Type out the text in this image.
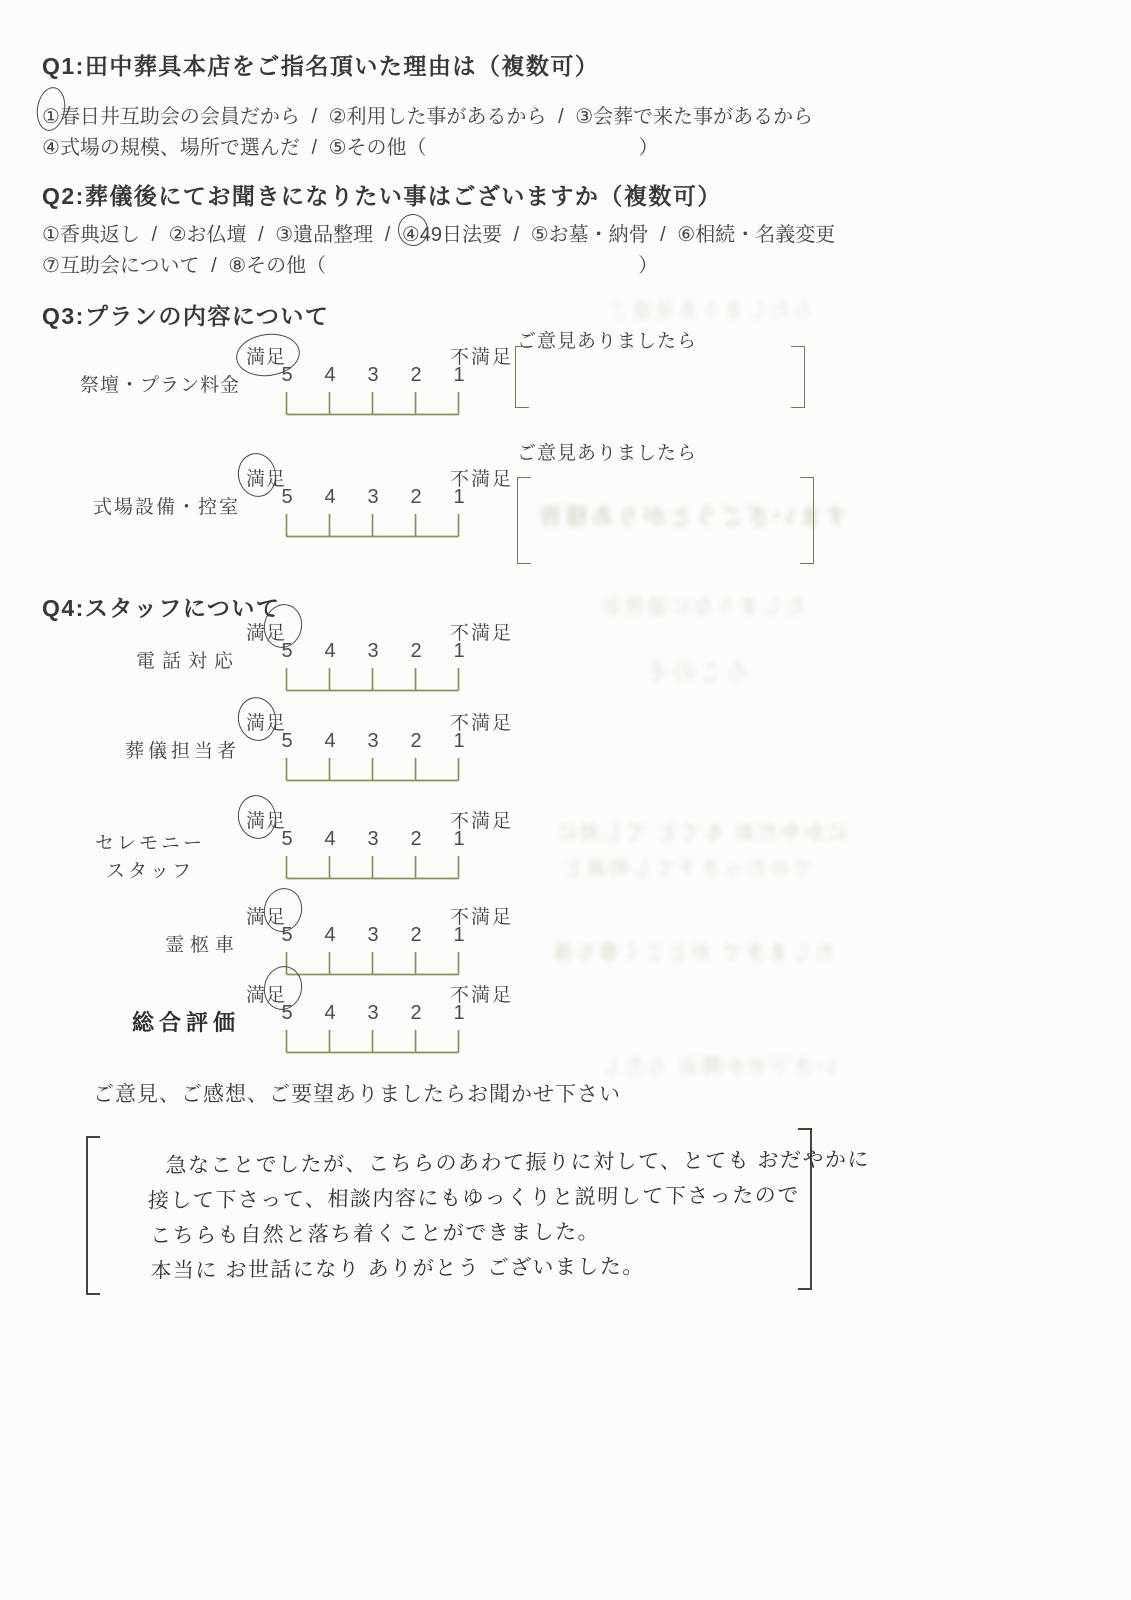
Q1:田中葬具本店をご指名頂いた理由は（複数可）
①
春日井互助会の会員だから / ②利用した事があるから / ③会葬で来た事があるから
④式場の規模、場所で選んだ / ⑤その他（	）
Q2:葬儀後にてお聞きになりたい事はございますか（複数可）
①香典返し / ②お仏壇 / ③遺品整理 / ④
49日法要 / ⑤お墓・納骨 / ⑥相続・名義変更
⑦互助会について / ⑧その他（	）
Q3:プランの内容について
ご意見ありましたら
ご意見ありましたら
Q4:スタッフについて
祭壇・プラン料金
満足
5 4 3 2 1
不満足
式場設備・控室
満足
5 4 3 2 1
不満足
電話対応
満足
5 4 3 2 1
不満足
葬儀担当者
満足
5 4 3 2 1
不満足
セレモニー
スタッフ
満足
5 4 3 2 1
不満足
霊柩車
満足
5 4 3 2 1
不満足
総合評価
満足
5 4 3 2 1
不満足
ご意見、ご感想、ご要望ありましたらお聞かせ下さい
急なことでしたが、こちらのあわて振りに対して、とても おだやかに
接して下さって、相談内容にもゆっくりと説明して下さったので
こちらも自然と落ち着くことができました。
本当に お世話になり ありがとう ございました。
らたしまりあ見意ご
すまいざごうとがりあ様皆
たしまりなに話世お
ろこのそ
にかやだお もてと てし対に
でのたっさ下てし明説と
たしまきで がとこく着ち落
いさ下せか聞お らたし
